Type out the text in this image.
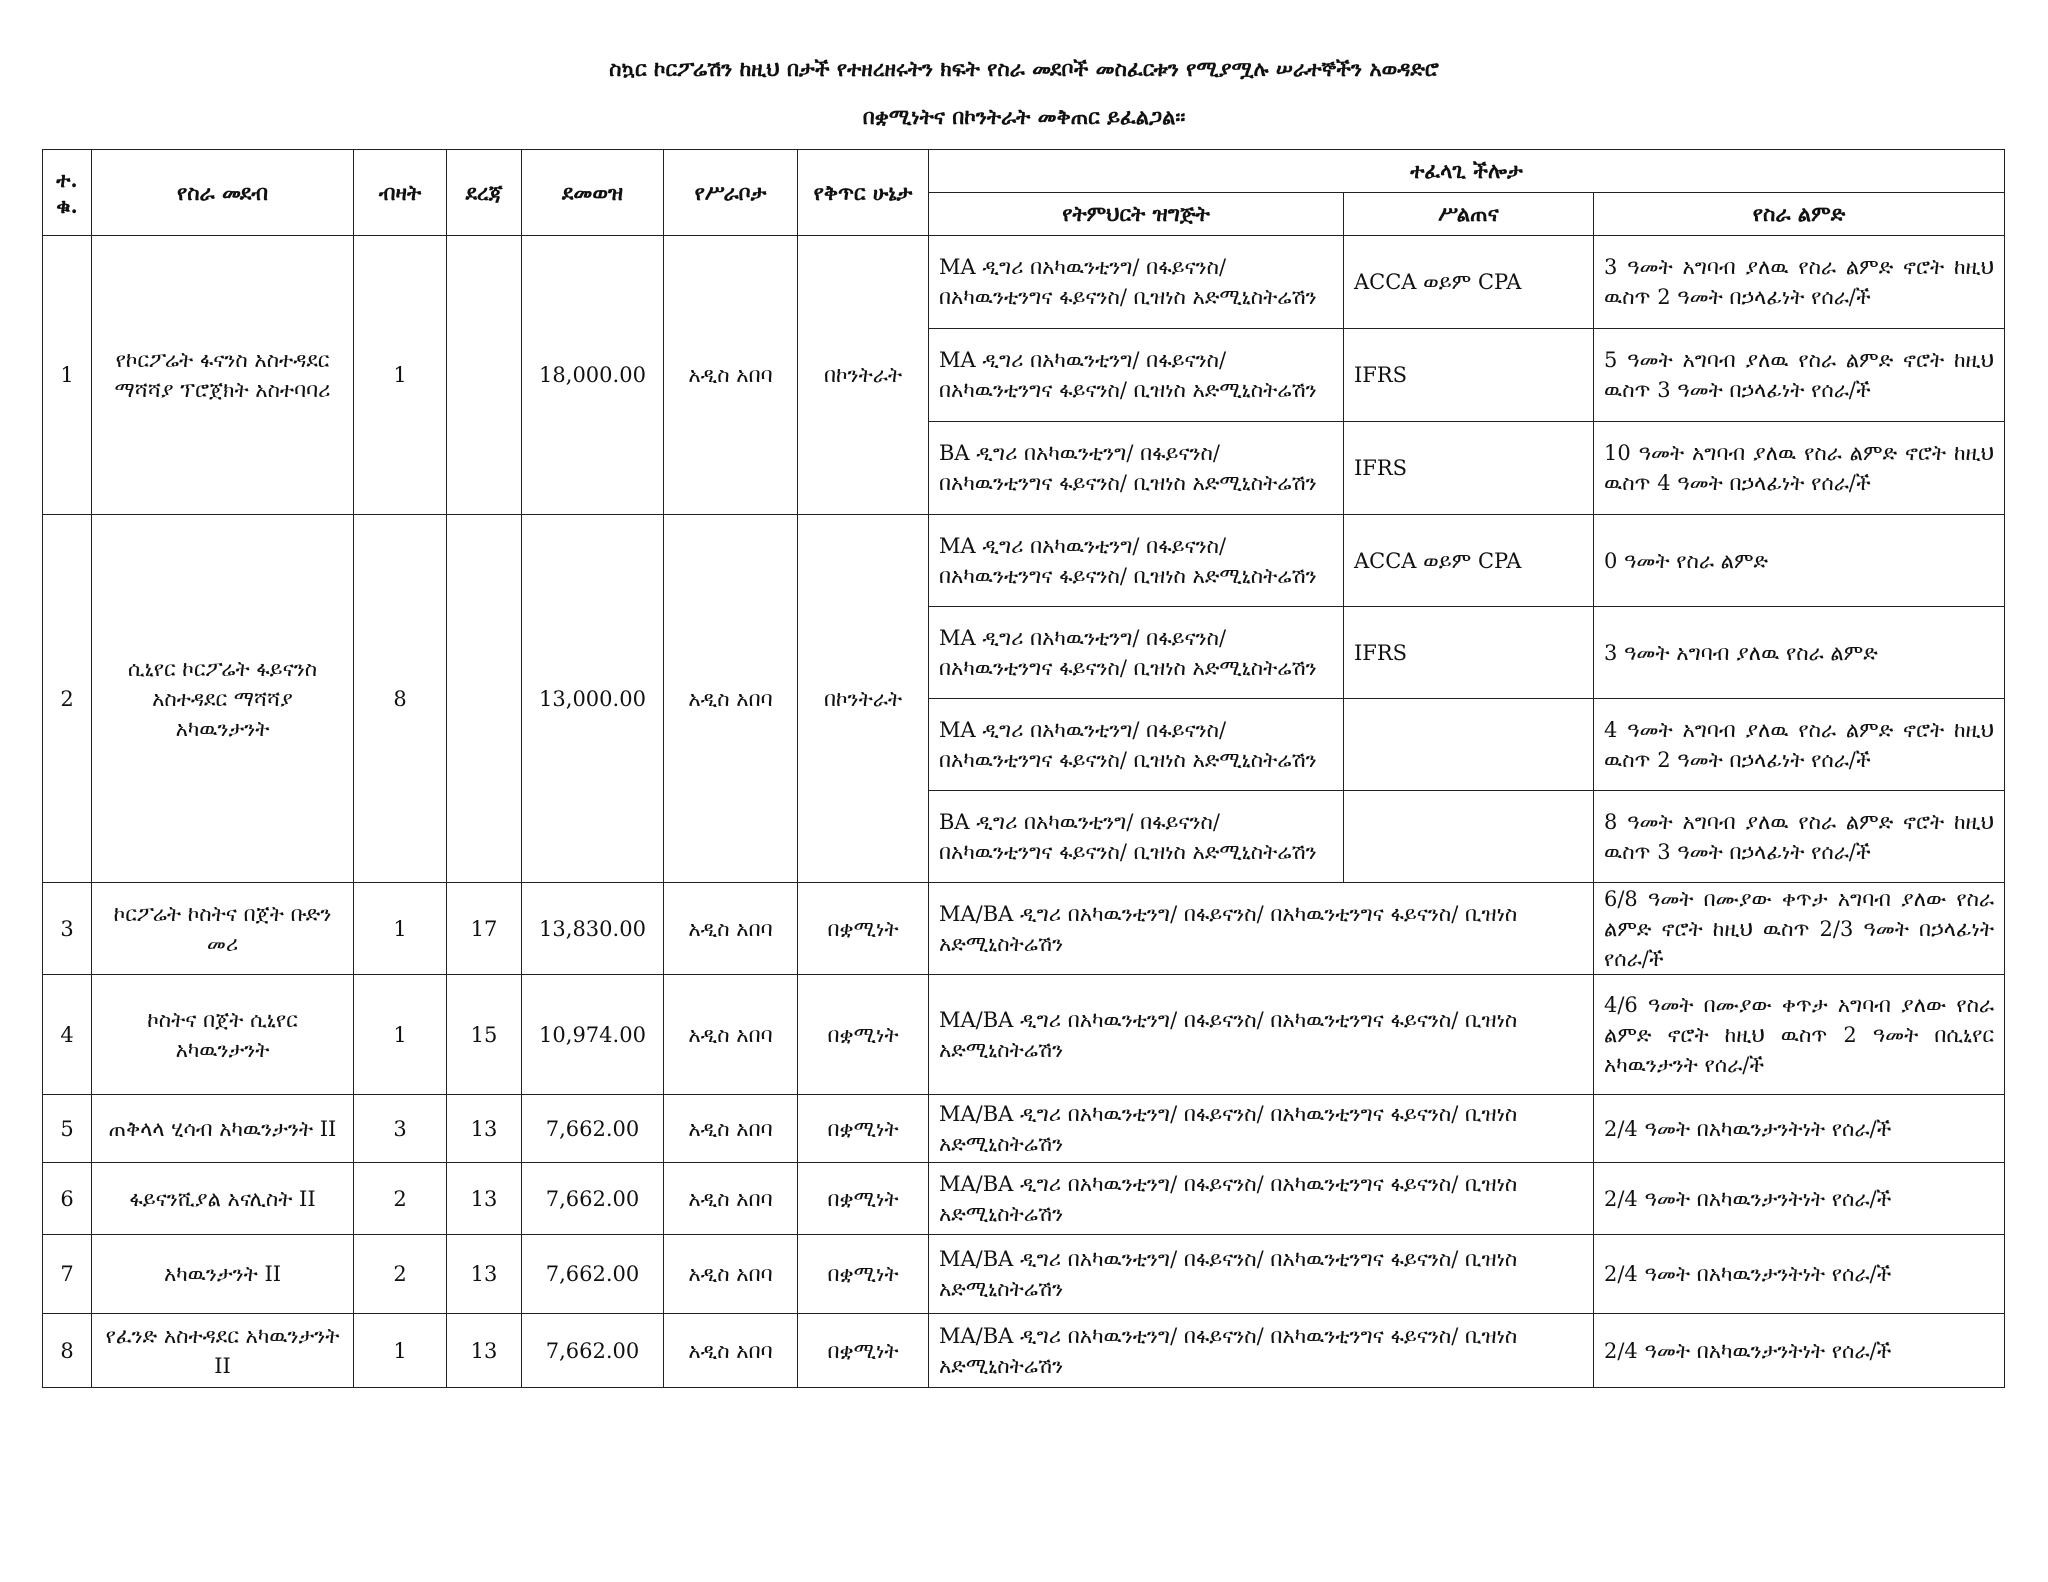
ስኳር ኮርፖሬሽን ከዚህ በታች የተዘረዘሩትን ክፍት የስራ መደቦች መስፈርቱን የሚያሟሉ ሠራተኞችን አወዳድሮ
በቋሚነትና በኮንትራት መቅጠር ይፈልጋል፡፡
ተ. ቁ.	የስራ መደብ	ብዛት	ደረጃ	ደመወዝ	የሥራቦታ	የቅጥር ሁኔታ	ተፈላጊ ችሎታ		
							የትምህርት ዝግጅት	ሥልጠና	የስራ ልምድ
1	የኮርፖሬት ፋናንስ አስተዳደር ማሻሻያ ፕሮጀክት አስተባባሪ	1		18,000.00	አዲስ አበባ	በኮንትራት	MA ዲግሪ በአካዉንቲንግ/ በፋይናንስ/ በአካዉንቲንግና ፋይናንስ/ ቢዝነስ አድሚኒስትሬሽን	ACCA ወይም CPA	3 ዓመት አግባብ ያለዉ የስራ ልምድ ኖሮት ከዚህ ዉስጥ 2 ዓመት በኃላፊነት የሰራ/ች
							MA ዲግሪ በአካዉንቲንግ/ በፋይናንስ/ በአካዉንቲንግና ፋይናንስ/ ቢዝነስ አድሚኒስትሬሽን	IFRS	5 ዓመት አግባብ ያለዉ የስራ ልምድ ኖሮት ከዚህ ዉስጥ 3 ዓመት በኃላፊነት የሰራ/ች
							BA ዲግሪ በአካዉንቲንግ/ በፋይናንስ/ በአካዉንቲንግና ፋይናንስ/ ቢዝነስ አድሚኒስትሬሽን	IFRS	10 ዓመት አግባብ ያለዉ የስራ ልምድ ኖሮት ከዚህ ዉስጥ 4 ዓመት በኃላፊነት የሰራ/ች
2	ሲኒየር ኮርፖሬት ፋይናንስ አስተዳደር ማሻሻያ አካዉንታንት	8		13,000.00	አዲስ አበባ	በኮንትራት	MA ዲግሪ በአካዉንቲንግ/ በፋይናንስ/ በአካዉንቲንግና ፋይናንስ/ ቢዝነስ አድሚኒስትሬሽን	ACCA ወይም CPA	0 ዓመት የስራ ልምድ
							MA ዲግሪ በአካዉንቲንግ/ በፋይናንስ/ በአካዉንቲንግና ፋይናንስ/ ቢዝነስ አድሚኒስትሬሽን	IFRS	3 ዓመት አግባብ ያለዉ የስራ ልምድ
							MA ዲግሪ በአካዉንቲንግ/ በፋይናንስ/ በአካዉንቲንግና ፋይናንስ/ ቢዝነስ አድሚኒስትሬሽን		4 ዓመት አግባብ ያለዉ የስራ ልምድ ኖሮት ከዚህ ዉስጥ 2 ዓመት በኃላፊነት የሰራ/ች
							BA ዲግሪ በአካዉንቲንግ/ በፋይናንስ/ በአካዉንቲንግና ፋይናንስ/ ቢዝነስ አድሚኒስትሬሽን		8 ዓመት አግባብ ያለዉ የስራ ልምድ ኖሮት ከዚህ ዉስጥ 3 ዓመት በኃላፊነት የሰራ/ች
3	ኮርፖሬት ኮስትና በጀት ቡድን መሪ	1	17	13,830.00	አዲስ አበባ	በቋሚነት	MA/BA ዲግሪ በአካዉንቲንግ/ በፋይናንስ/ በአካዉንቲንግና ፋይናንስ/ ቢዝነስ አድሚኒስትሬሽን		6/8 ዓመት በሙያው ቀጥታ አግባብ ያለው የስራ ልምድ ኖሮት ከዚህ ዉስጥ 2/3 ዓመት በኃላፊነት የሰራ/ች
4	ኮስትና በጀት ሲኒየር አካዉንታንት	1	15	10,974.00	አዲስ አበባ	በቋሚነት	MA/BA ዲግሪ በአካዉንቲንግ/ በፋይናንስ/ በአካዉንቲንግና ፋይናንስ/ ቢዝነስ አድሚኒስትሬሽን		4/6 ዓመት በሙያው ቀጥታ አግባብ ያለው የስራ ልምድ ኖሮት ከዚህ ዉስጥ 2 ዓመት በሲኒየር አካዉንታንት የሰራ/ች
5	ጠቅላላ ሂሳብ አካዉንታንት II	3	13	7,662.00	አዲስ አበባ	በቋሚነት	MA/BA ዲግሪ በአካዉንቲንግ/ በፋይናንስ/ በአካዉንቲንግና ፋይናንስ/ ቢዝነስ አድሚኒስትሬሽን		2/4 ዓመት በአካዉንታንትነት የሰራ/ች
6	ፋይናንሺያል አናሊስት II	2	13	7,662.00	አዲስ አበባ	በቋሚነት	MA/BA ዲግሪ በአካዉንቲንግ/ በፋይናንስ/ በአካዉንቲንግና ፋይናንስ/ ቢዝነስ አድሚኒስትሬሽን		2/4 ዓመት በአካዉንታንትነት የሰራ/ች
7	አካዉንታንት II	2	13	7,662.00	አዲስ አበባ	በቋሚነት	MA/BA ዲግሪ በአካዉንቲንግ/ በፋይናንስ/ በአካዉንቲንግና ፋይናንስ/ ቢዝነስ አድሚኒስትሬሽን		2/4 ዓመት በአካዉንታንትነት የሰራ/ች
8	የፈንድ አስተዳደር አካዉንታንት II	1	13	7,662.00	አዲስ አበባ	በቋሚነት	MA/BA ዲግሪ በአካዉንቲንግ/ በፋይናንስ/ በአካዉንቲንግና ፋይናንስ/ ቢዝነስ አድሚኒስትሬሽን		2/4 ዓመት በአካዉንታንትነት የሰራ/ች
